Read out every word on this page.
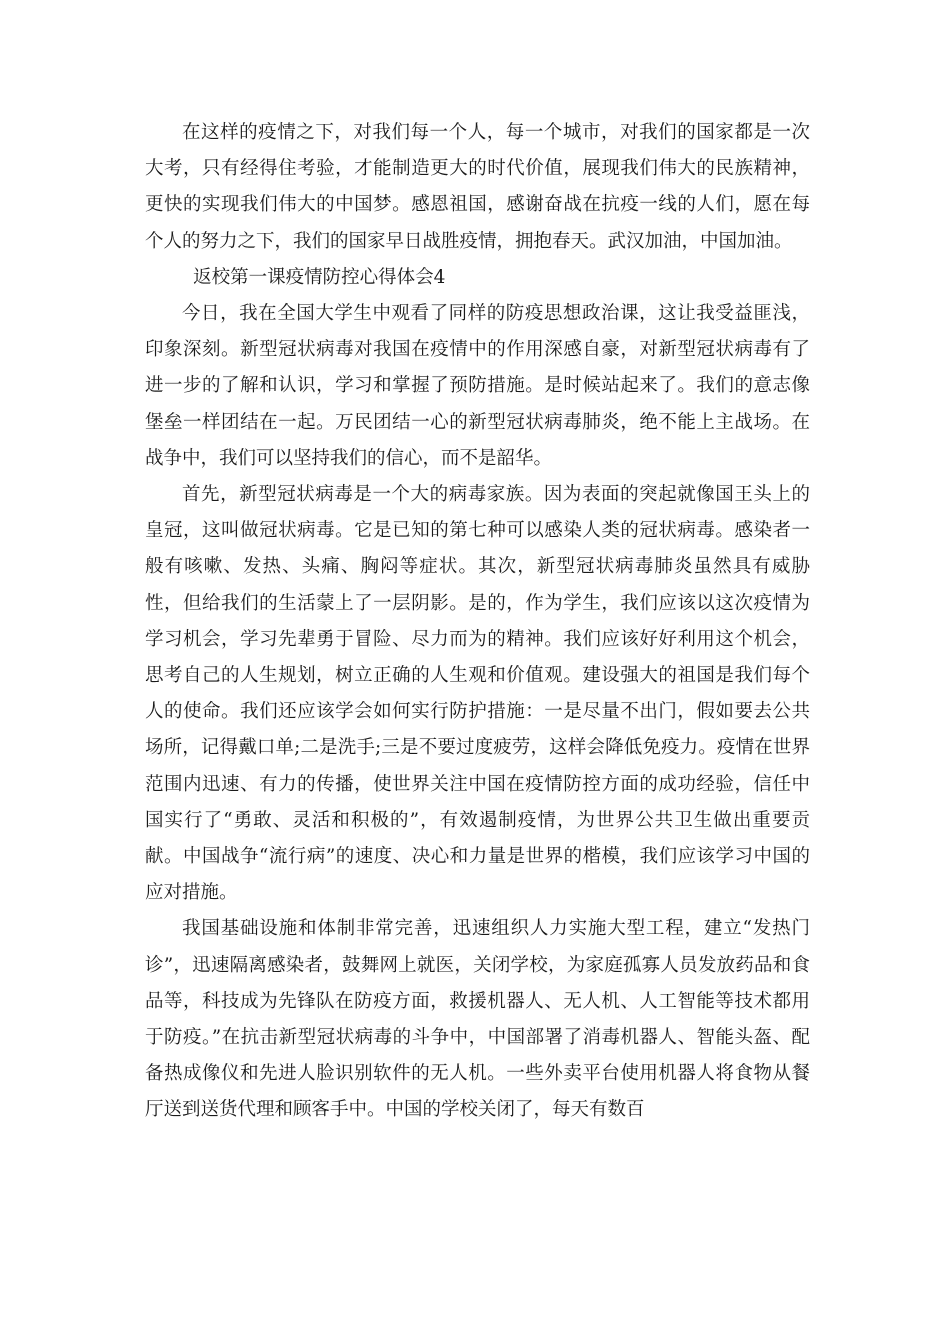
在这样的疫情之下，对我们每一个人，每一个城市，对我们的国家都是一次大考，只有经得住考验，才能制造更大的时代价值，展现我们伟大的民族精神，更快的实现我们伟大的中国梦。感恩祖国，感谢奋战在抗疫一线的人们，愿在每个人的努力之下，我们的国家早日战胜疫情，拥抱春天。武汉加油，中国加油。

返校第一课疫情防控心得体会4

今日，我在全国大学生中观看了同样的防疫思想政治课，这让我受益匪浅，印象深刻。新型冠状病毒对我国在疫情中的作用深感自豪，对新型冠状病毒有了进一步的了解和认识，学习和掌握了预防措施。是时候站起来了。我们的意志像堡垒一样团结在一起。万民团结一心的新型冠状病毒肺炎，绝不能上主战场。在战争中，我们可以坚持我们的信心，而不是韶华。

首先，新型冠状病毒是一个大的病毒家族。因为表面的突起就像国王头上的皇冠，这叫做冠状病毒。它是已知的第七种可以感染人类的冠状病毒。感染者一般有咳嗽、发热、头痛、胸闷等症状。其次，新型冠状病毒肺炎虽然具有威胁性，但给我们的生活蒙上了一层阴影。是的，作为学生，我们应该以这次疫情为学习机会，学习先辈勇于冒险、尽力而为的精神。我们应该好好利用这个机会，思考自己的人生规划，树立正确的人生观和价值观。建设强大的祖国是我们每个人的使命。我们还应该学会如何实行防护措施：一是尽量不出门，假如要去公共场所，记得戴口单;二是洗手;三是不要过度疲劳，这样会降低免疫力。疫情在世界范围内迅速、有力的传播，使世界关注中国在疫情防控方面的成功经验，信任中国实行了“勇敢、灵活和积极的”，有效遏制疫情，为世界公共卫生做出重要贡献。中国战争“流行病”的速度、决心和力量是世界的楷模，我们应该学习中国的应对措施。

我国基础设施和体制非常完善，迅速组织人力实施大型工程，建立“发热门诊”，迅速隔离感染者，鼓舞网上就医，关闭学校，为家庭孤寡人员发放药品和食品等，科技成为先锋队在防疫方面，救援机器人、无人机、人工智能等技术都用于防疫。”在抗击新型冠状病毒的斗争中，中国部署了消毒机器人、智能头盔、配备热成像仪和先进人脸识别软件的无人机。一些外卖平台使用机器人将食物从餐厅送到送货代理和顾客手中。中国的学校关闭了，每天有数百
